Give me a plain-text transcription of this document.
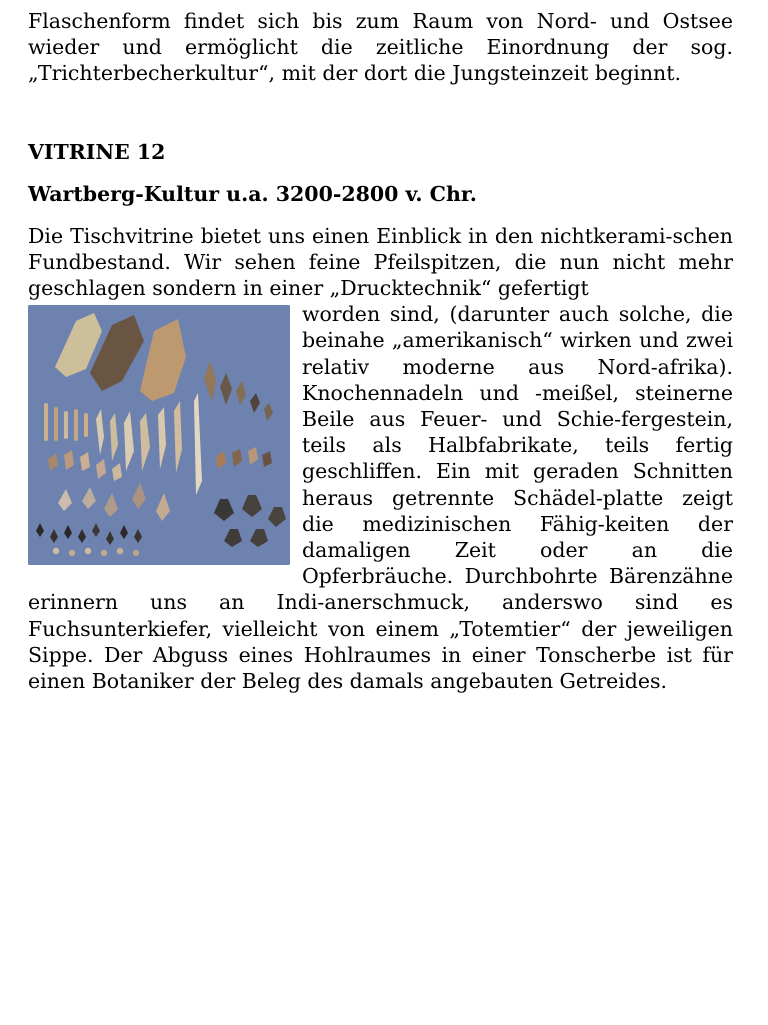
Flaschenform findet sich bis zum Raum von Nord- und Ostsee wieder und ermöglicht die zeitliche Einordnung der sog. „Trichterbecherkultur“, mit der dort die Jungsteinzeit beginnt.

VITRINE 12

Wartberg-Kultur u.a. 3200-2800 v. Chr.

Die Tischvitrine bietet uns einen Einblick in den nichtkerami-schen Fundbestand. Wir sehen feine Pfeilspitzen, die nun nicht mehr geschlagen sondern in einer „Drucktechnik“ gefertigt

worden sind, (darunter auch solche, die beinahe „amerikanisch“ wirken und zwei relativ moderne aus Nord-afrika). Knochennadeln und -meißel, steinerne Beile aus Feuer- und Schie-fergestein, teils als Halbfabrikate, teils fertig geschliffen. Ein mit geraden Schnitten heraus getrennte Schädel-platte zeigt die medizinischen Fähig-keiten der damaligen Zeit oder an die Opferbräuche. Durchbohrte Bärenzähne erinnern uns an Indi-anerschmuck, anderswo sind es Fuchsunterkiefer, vielleicht von einem „Totemtier“ der jeweiligen Sippe. Der Abguss eines Hohlraumes in einer Tonscherbe ist für einen Botaniker der Beleg des damals angebauten Getreides.
